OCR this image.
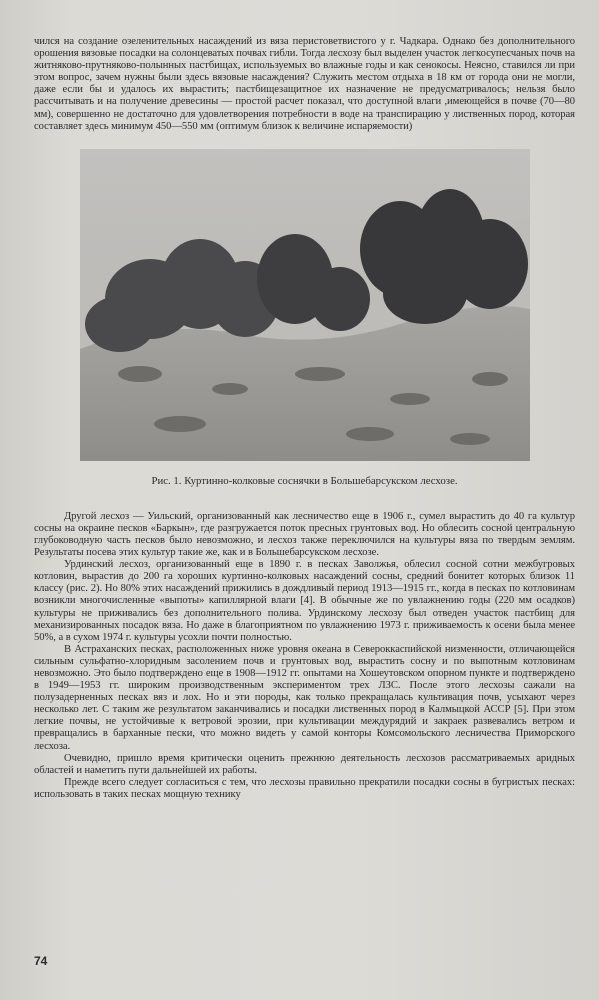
чился на создание озеленительных насаждений из вяза перистоветвистого у г. Чадкара. Однако без дополнительного орошения вязовые посадки на солонцеватых почвах гибли. Тогда лесхозу был выделен участок легкосупесчаных почв на житняково-прутняково-полынных пастбищах, используемых во влажные годы и как сенокосы. Неясно, ставился ли при этом вопрос, зачем нужны были здесь вязовые насаждения? Служить местом отдыха в 18 км от города они не могли, даже если бы и удалось их вырастить; пастбищезащитное их назначение не предусматривалось; нельзя было рассчитывать и на получение древесины — простой расчет показал, что доступной влаги ,имеющейся в почве (70—80 мм), совершенно не достаточно для удовлетворения потребности в воде на транспирацию у лиственных пород, которая составляет здесь минимум 450—550 мм (оптимум близок к величине испаряемости)

Рис. 1. Куртинно-колковые соснячки в Большебарсукском лесхозе.

Другой лесхоз — Уильский, организованный как лесничество еще в 1906 г., сумел вырастить до 40 га культур сосны на окраине песков «Баркын», где разгружается поток пресных грунтовых вод. Но облесить сосной центральную глубоководную часть песков было невозможно, и лесхоз также переключился на культуры вяза по твердым землям. Результаты посева этих культур такие же, как и в Большебарсукском лесхозе.

Урдинский лесхоз, организованный еще в 1890 г. в песках Заволжья, облесил сосной сотни межбугровых котловин, вырастив до 200 га хороших куртинно-колковых насаждений сосны, средний бонитет которых близок 11 классу (рис. 2). Но 80% этих насаждений прижились в дождливый период 1913—1915 гг., когда в песках по котловинам возникли многочисленные «выпоты» капиллярной влаги [4]. В обычные же по увлажнению годы (220 мм осадков) культуры не приживались без дополнительного полива. Урдинскому лесхозу был отведен участок пастбищ для механизированных посадок вяза. Но даже в благоприятном по увлажнению 1973 г. приживаемость к осени была менее 50%, а в сухом 1974 г. культуры усохли почти полностью.

В Астраханских песках, расположенных ниже уровня океана в Североккаспийской низменности, отличающейся сильным сульфатно-хлоридным засолением почв и грунтовых вод, вырастить сосну и по выпотным котловинам невозможно. Это было подтверждено еще в 1908—1912 гг. опытами на Хошеутовском опорном пункте и подтверждено в 1949—1953 гг. широким производственным экспериментом трех ЛЗС. После этого лесхозы сажали на полузадерненных песках вяз и лох. Но и эти породы, как только прекращалась культивация почв, усыхают через несколько лет. С таким же результатом заканчивались и посадки лиственных пород в Калмыцкой АССР [5]. При этом легкие почвы, не устойчивые к ветровой эрозии, при культивации междурядий и закраек развевались ветром и превращались в барханные пески, что можно видеть у самой конторы Комсомольского лесничества Приморского лесхоза.

Очевидно, пришло время критически оценить прежнюю деятельность лесхозов рассматриваемых аридных областей и наметить пути дальнейшей их работы.

Прежде всего следует согласиться с тем, что лесхозы правильно прекратили посадки сосны в бугристых песках: использовать в таких песках мощную технику

74
